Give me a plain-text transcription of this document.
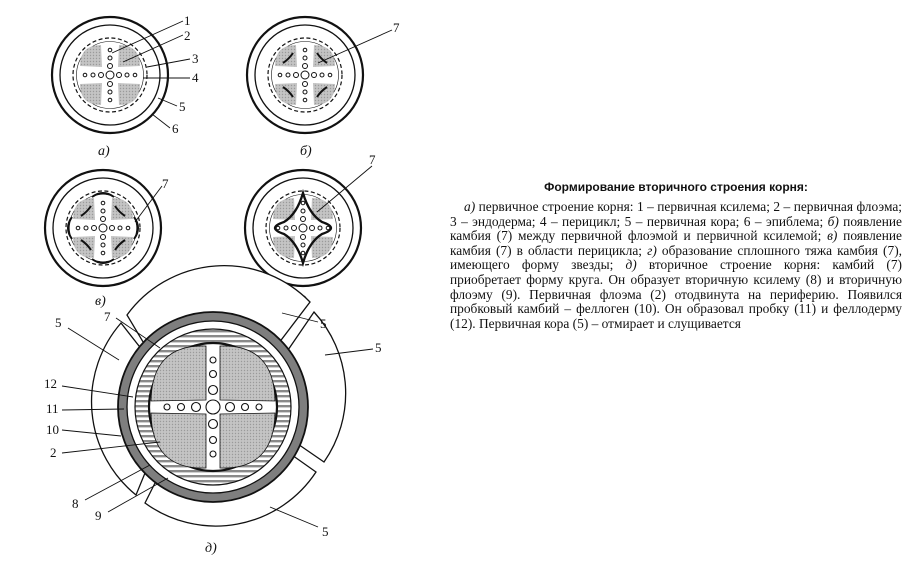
1
2
3
4
5
6
а)
7
б)
7
в)
7
5	5
5
5
7
12
11
10
2
8
9
д)
Формирование вторичного строения корня:

а) первичное строение корня: 1 – первичная ксилема; 2 – первичная флоэма; 3 – эндодерма; 4 – перицикл; 5 – первичная кора; 6 – эпиблема; б) появление камбия (7) между первичной флоэмой и первичной ксилемой; в) появление камбия (7) в области перицикла; г) образование сплошного тяжа камбия (7), имеющего форму звезды; д) вторичное строение корня: камбий (7) приобретает форму круга. Он образует вторичную ксилему (8) и вторичную флоэму (9). Первичная флоэма (2) отодвинута на периферию. Появился пробковый камбий – феллоген (10). Он образовал пробку (11) и феллодерму (12). Первичная кора (5) – отмирает и слущивается
